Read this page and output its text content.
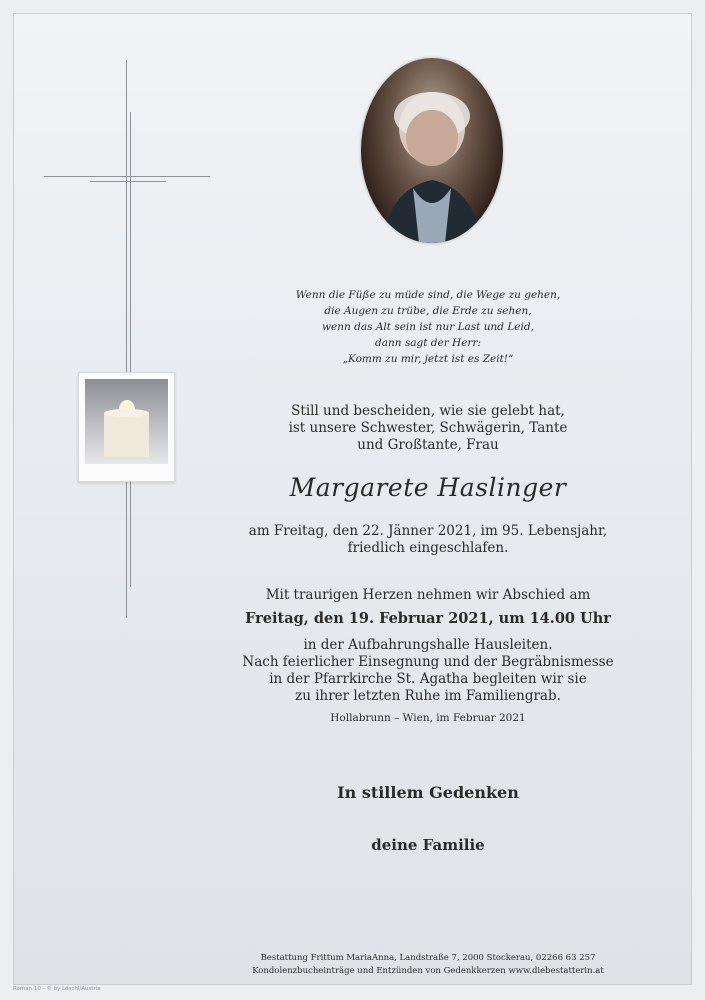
Wenn die Füße zu müde sind, die Wege zu gehen,
die Augen zu trübe, die Erde zu sehen,
wenn das Alt sein ist nur Last und Leid,
dann sagt der Herr:
„Komm zu mir, jetzt ist es Zeit!“
Still und bescheiden, wie sie gelebt hat,
ist unsere Schwester, Schwägerin, Tante
und Großtante, Frau
Margarete Haslinger
am Freitag, den 22. Jänner 2021, im 95. Lebensjahr,
friedlich eingeschlafen.
Mit traurigen Herzen nehmen wir Abschied am
Freitag, den 19. Februar 2021, um 14.00 Uhr
in der Aufbahrungshalle Hausleiten.
Nach feierlicher Einsegnung und der Begräbnismesse
in der Pfarrkirche St. Agatha begleiten wir sie
zu ihrer letzten Ruhe im Familiengrab.
Hollabrunn – Wien, im Februar 2021
In stillem Gedenken
deine Familie
Bestattung Frittum MariaAnna, Landstraße 7, 2000 Stockerau, 02266 63 257
Kondolenzbucheinträge und Entzünden von Gedenkkerzen www.diebestatterin.at
Roman 10 - © by Löschl/Austria
